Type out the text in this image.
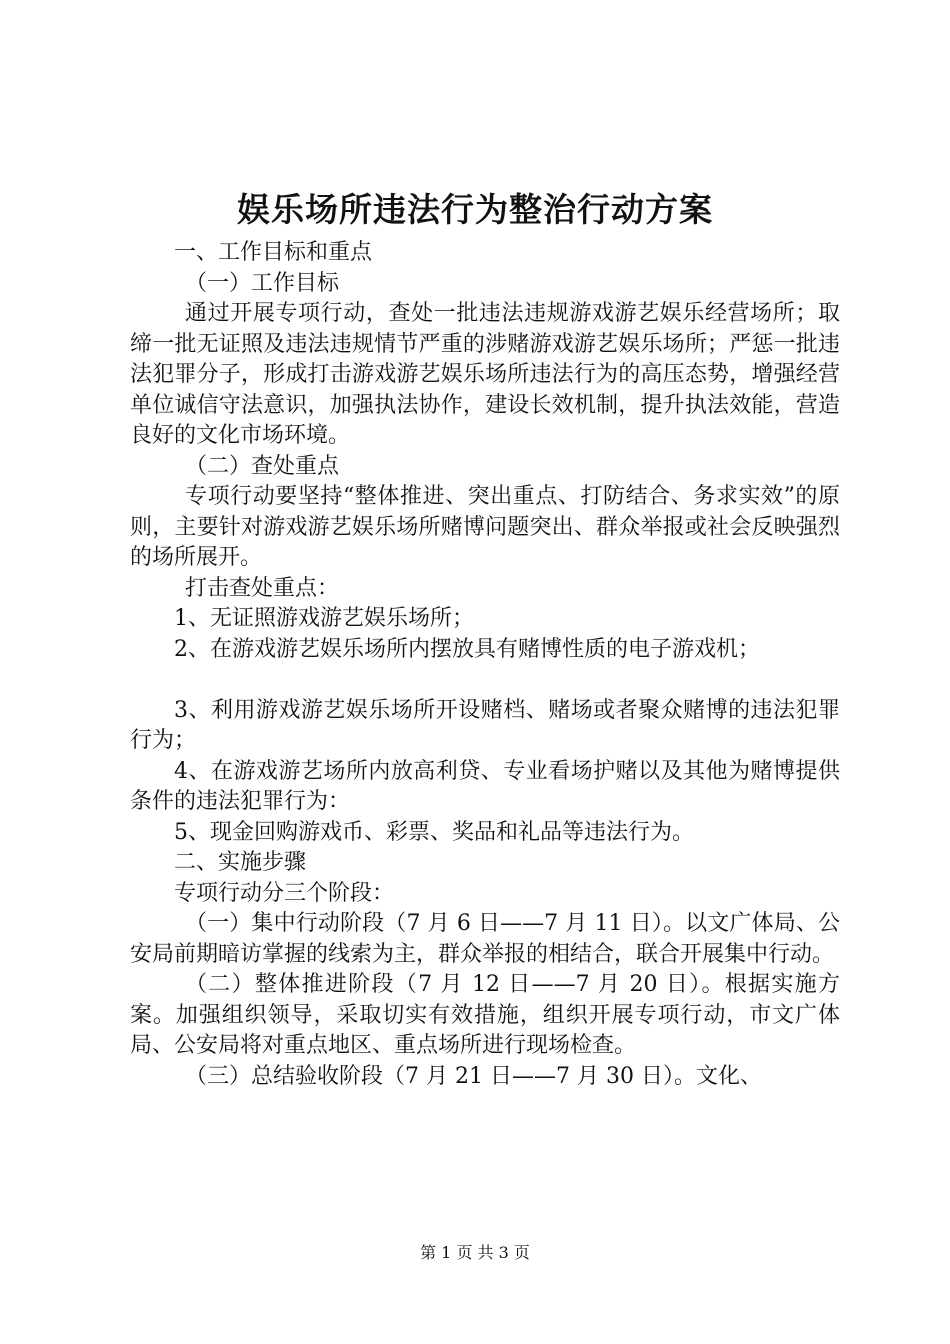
娱乐场所违法行为整治行动方案

一、工作目标和重点

（一）工作目标

通过开展专项行动，查处一批违法违规游戏游艺娱乐经营场所；取缔一批无证照及违法违规情节严重的涉赌游戏游艺娱乐场所；严惩一批违法犯罪分子，形成打击游戏游艺娱乐场所违法行为的高压态势，增强经营单位诚信守法意识，加强执法协作，建设长效机制，提升执法效能，营造良好的文化市场环境。

（二）查处重点

专项行动要坚持“整体推进、突出重点、打防结合、务求实效”的原则，主要针对游戏游艺娱乐场所赌博问题突出、群众举报或社会反映强烈的场所展开。

打击查处重点：

1、无证照游戏游艺娱乐场所；

2、在游戏游艺娱乐场所内摆放具有赌博性质的电子游戏机；

3、利用游戏游艺娱乐场所开设赌档、赌场或者聚众赌博的违法犯罪行为；

4、在游戏游艺场所内放高利贷、专业看场护赌以及其他为赌博提供条件的违法犯罪行为：

5、现金回购游戏币、彩票、奖品和礼品等违法行为。

二、实施步骤

专项行动分三个阶段：

（一）集中行动阶段（7 月 6 日——7 月 11 日）。以文广体局、公安局前期暗访掌握的线索为主，群众举报的相结合，联合开展集中行动。

（二）整体推进阶段（7 月 12 日——7 月 20 日）。根据实施方案。加强组织领导，采取切实有效措施，组织开展专项行动，市文广体局、公安局将对重点地区、重点场所进行现场检查。

（三）总结验收阶段（7 月 21 日——7 月 30 日）。文化、

第 1 页 共 3 页
